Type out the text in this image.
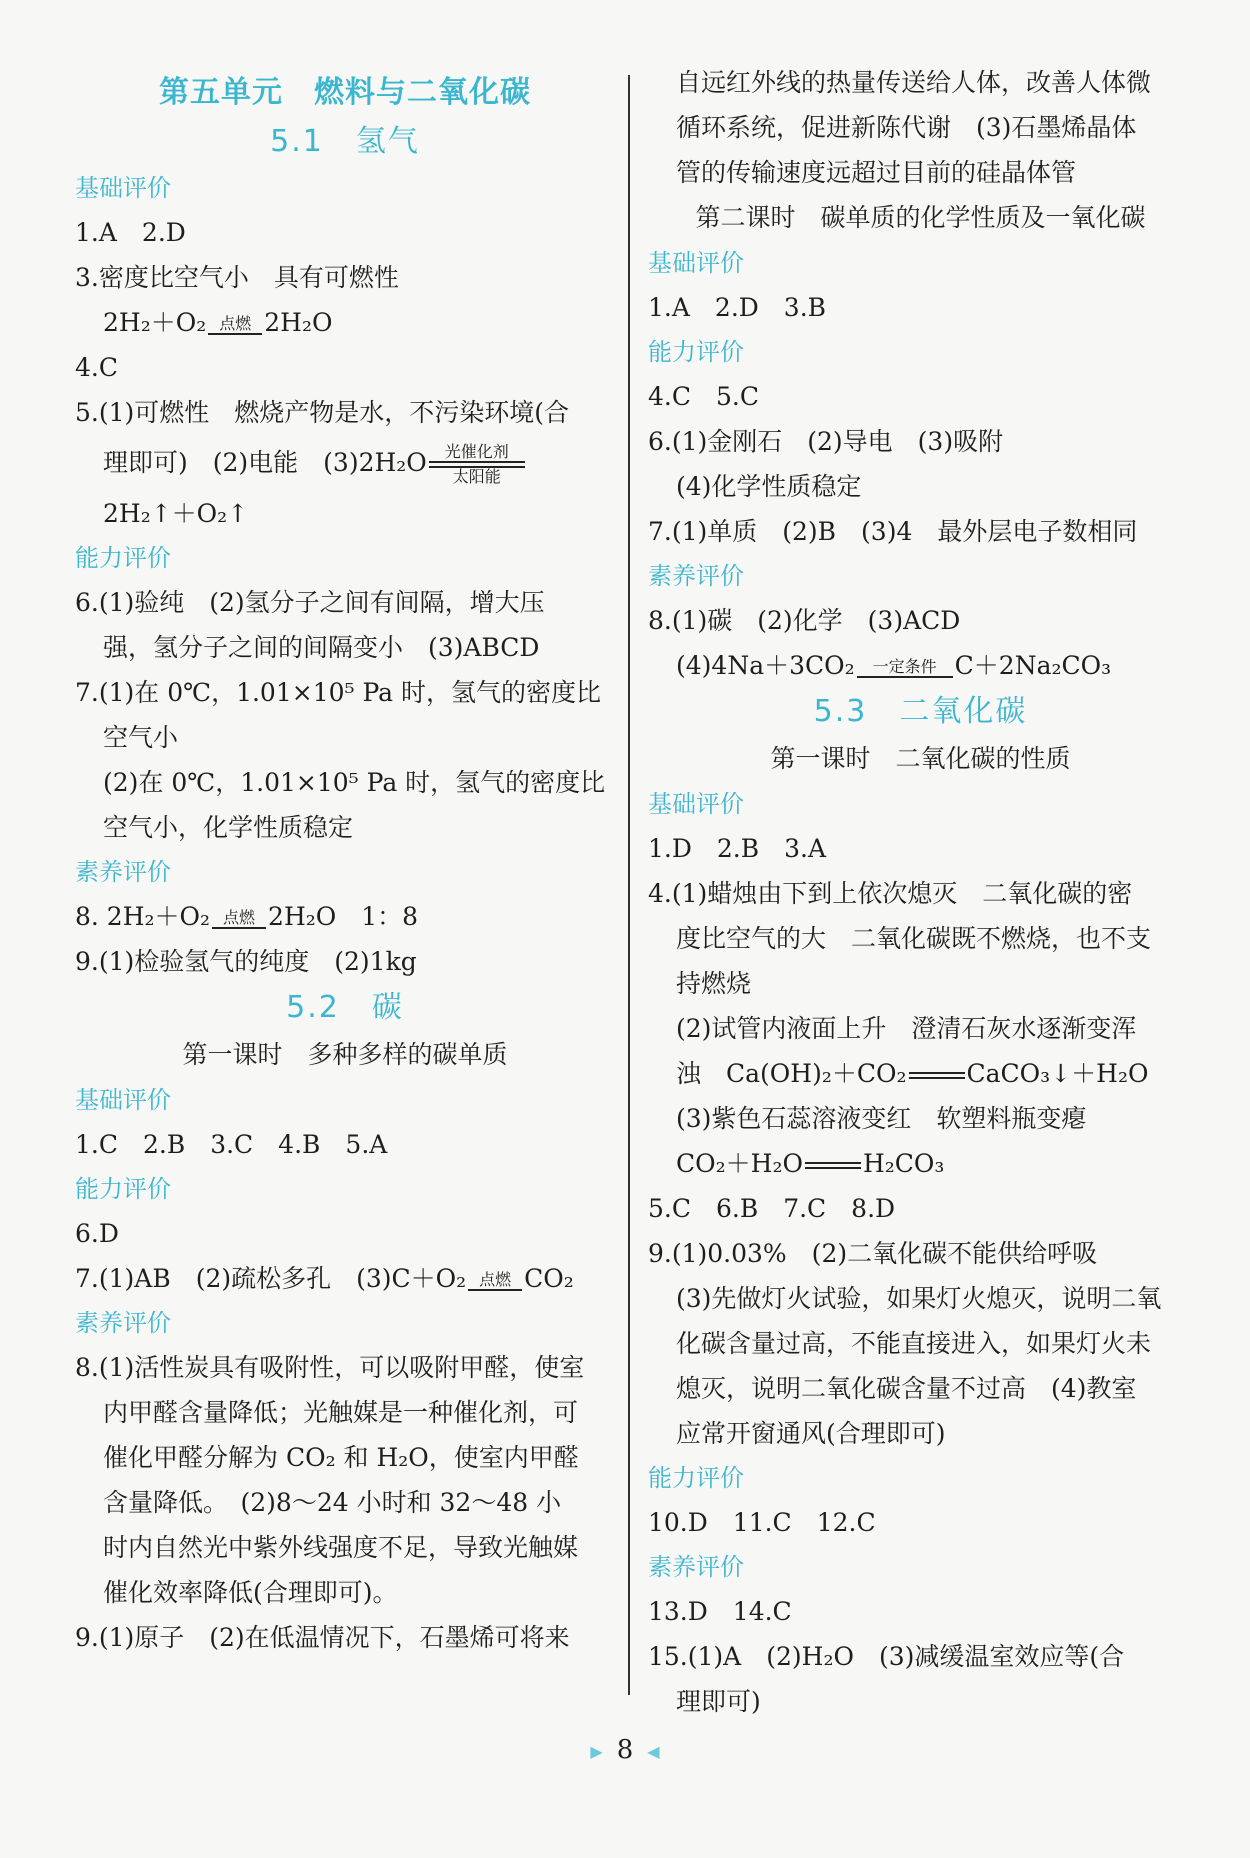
第五单元　燃料与二氧化碳
5.1　氢气
基础评价
1.A　2.D
3.密度比空气小　具有可燃性
2H₂＋O₂ 点燃 2H₂O
4.C
5.(1)可燃性　燃烧产物是水，不污染环境(合
理即可)　(2)电能　(3)2H₂O	光催化剂
太阳能
2H₂↑＋O₂↑
能力评价
6.(1)验纯　(2)氢分子之间有间隔，增大压
强，氢分子之间的间隔变小　(3)ABCD
7.(1)在 0℃，1.01×10⁵ Pa 时，氢气的密度比
空气小
(2)在 0℃，1.01×10⁵ Pa 时，氢气的密度比
空气小，化学性质稳定
素养评价
8. 2H₂＋O₂ 点燃 2H₂O　1：8
9.(1)检验氢气的纯度　(2)1kg
5.2　碳
第一课时　多种多样的碳单质
基础评价
1.C　2.B　3.C　4.B　5.A
能力评价
6.D
7.(1)AB　(2)疏松多孔　(3)C＋O₂ 点燃 CO₂
素养评价
8.(1)活性炭具有吸附性，可以吸附甲醛，使室
内甲醛含量降低；光触媒是一种催化剂，可
催化甲醛分解为 CO₂ 和 H₂O，使室内甲醛
含量降低。　(2)8～24 小时和 32～48 小
时内自然光中紫外线强度不足，导致光触媒
催化效率降低(合理即可)。
9.(1)原子　(2)在低温情况下，石墨烯可将来
自远红外线的热量传送给人体，改善人体微
循环系统，促进新陈代谢　(3)石墨烯晶体
管的传输速度远超过目前的硅晶体管
第二课时　碳单质的化学性质及一氧化碳
基础评价
1.A　2.D　3.B
能力评价
4.C　5.C
6.(1)金刚石　(2)导电　(3)吸附
(4)化学性质稳定
7.(1)单质　(2)B　(3)4　最外层电子数相同
素养评价
8.(1)碳　(2)化学　(3)ACD
(4)4Na＋3CO₂	一定条件 C＋2Na₂CO₃
5.3　二氧化碳
第一课时　二氧化碳的性质
基础评价
1.D　2.B　3.A
4.(1)蜡烛由下到上依次熄灭　二氧化碳的密
度比空气的大　二氧化碳既不燃烧，也不支
持燃烧
(2)试管内液面上升　澄清石灰水逐渐变浑
浊　Ca(OH)₂＋CO₂ CaCO₃↓＋H₂O
(3)紫色石蕊溶液变红　软塑料瓶变瘪
CO₂＋H₂O H₂CO₃
5.C　6.B　7.C　8.D
9.(1)0.03%　(2)二氧化碳不能供给呼吸
(3)先做灯火试验，如果灯火熄灭，说明二氧
化碳含量过高，不能直接进入，如果灯火未
熄灭，说明二氧化碳含量不过高　(4)教室
应常开窗通风(合理即可)
能力评价
10.D　11.C　12.C
素养评价
13.D　14.C
15.(1)A　(2)H₂O　(3)减缓温室效应等(合
理即可)
▶ 8 ◀
